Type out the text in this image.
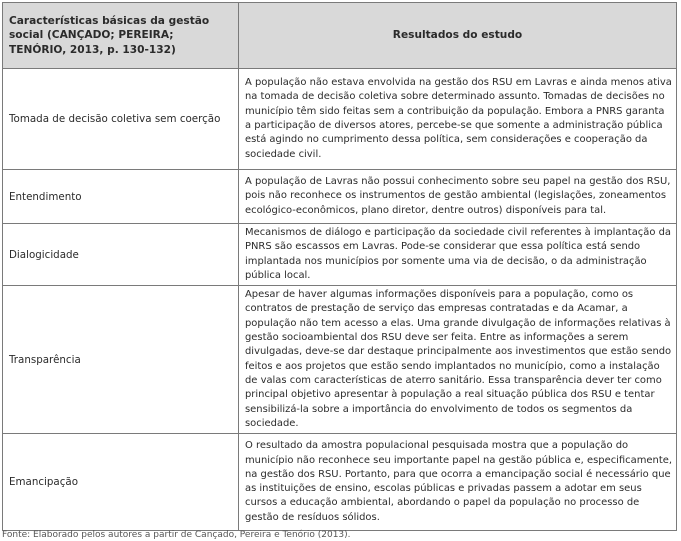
Características básicas da gestão social (CANÇADO; PEREIRA; TENÓRIO, 2013, p. 130-132)	Resultados do estudo
Tomada de decisão coletiva sem coerção	A população não estava envolvida na gestão dos RSU em Lavras e ainda menos ativa na tomada de decisão coletiva sobre determinado assunto. Tomadas de decisões no município têm sido feitas sem a contribuição da população. Embora a PNRS garanta a participação de diversos atores, percebe-se que somente a administração pública está agindo no cumprimento dessa política, sem considerações e cooperação da sociedade civil.
Entendimento	A população de Lavras não possui conhecimento sobre seu papel na gestão dos RSU, pois não reconhece os instrumentos de gestão ambiental (legislações, zoneamentos ecológico-econômicos, plano diretor, dentre outros) disponíveis para tal.
Dialogicidade	Mecanismos de diálogo e participação da sociedade civil referentes à implantação da PNRS são escassos em Lavras. Pode-se considerar que essa política está sendo implantada nos municípios por somente uma via de decisão, o da administração pública local.
Transparência	Apesar de haver algumas informações disponíveis para a população, como os contratos de prestação de serviço das empresas contratadas e da Acamar, a população não tem acesso a elas. Uma grande divulgação de informações relativas à gestão socioambiental dos RSU deve ser feita. Entre as informações a serem divulgadas, deve-se dar destaque principalmente aos investimentos que estão sendo feitos e aos projetos que estão sendo implantados no município, como a instalação de valas com características de aterro sanitário. Essa transparência dever ter como principal objetivo apresentar à população a real situação pública dos RSU e tentar sensibilizá-la sobre a importância do envolvimento de todos os segmentos da sociedade.
Emancipação	O resultado da amostra populacional pesquisada mostra que a população do município não reconhece seu importante papel na gestão pública e, especificamente, na gestão dos RSU. Portanto, para que ocorra a emancipação social é necessário que as instituições de ensino, escolas públicas e privadas passem a adotar em seus cursos a educação ambiental, abordando o papel da população no processo de gestão de resíduos sólidos.
Fonte: Elaborado pelos autores a partir de Cançado, Pereira e Tenório (2013).
